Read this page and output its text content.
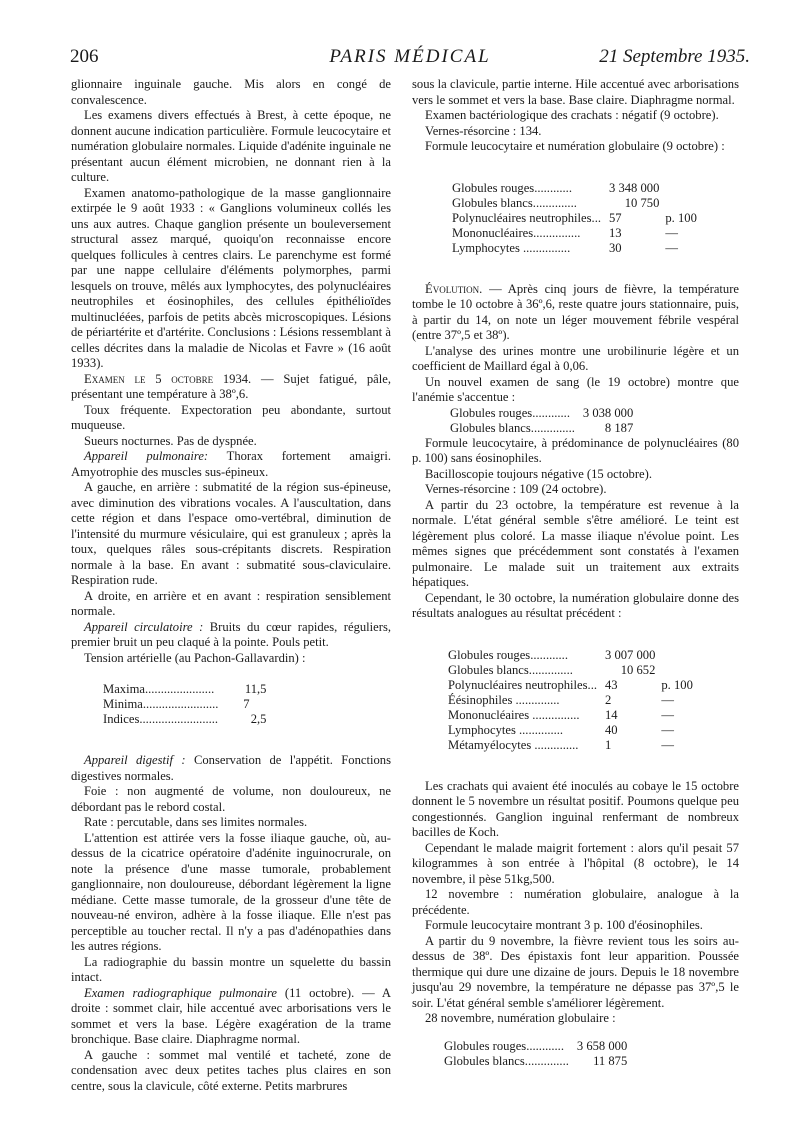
206	PARIS MÉDICAL	21 Septembre 1935.

glionnaire inguinale gauche. Mis alors en congé de convalescence.

Les examens divers effectués à Brest, à cette époque, ne donnent aucune indication particulière. Formule leucocytaire et numération globulaire normales. Liquide d'adénite inguinale ne présentant aucun élément microbien, ne donnant rien à la culture.

Examen anatomo-pathologique de la masse ganglionnaire extirpée le 9 août 1933 : « Ganglions volumineux collés les uns aux autres. Chaque ganglion présente un bouleversement structural assez marqué, quoiqu'on reconnaisse encore quelques follicules à centres clairs. Le parenchyme est formé par une nappe cellulaire d'éléments polymorphes, parmi lesquels on trouve, mêlés aux lymphocytes, des polynucléaires neutrophiles et éosinophiles, des cellules épithélioïdes multinucléées, parfois de petits abcès microscopiques. Lésions de périartérite et d'artérite. Conclusions : Lésions ressemblant à celles décrites dans la maladie de Nicolas et Favre » (16 août 1933).

Examen le 5 octobre 1934. — Sujet fatigué, pâle, présentant une température à 38º,6.

Toux fréquente. Expectoration peu abondante, surtout muqueuse.

Sueurs nocturnes. Pas de dyspnée.

Appareil pulmonaire: Thorax fortement amaigri. Amyotrophie des muscles sus-épineux.

A gauche, en arrière : submatité de la région sus-épineuse, avec diminution des vibrations vocales. A l'auscultation, dans cette région et dans l'espace omo-vertébral, diminution de l'intensité du murmure vésiculaire, qui est granuleux ; après la toux, quelques râles sous-crépitants discrets. Respiration normale à la base. En avant : submatité sous-claviculaire. Respiration rude.

A droite, en arrière et en avant : respiration sensiblement normale.

Appareil circulatoire : Bruits du cœur rapides, réguliers, premier bruit un peu claqué à la pointe. Pouls petit.

Tension artérielle (au Pachon-Gallavardin) :

Maxima......................	11,5
Minima........................	7
Indices.........................	2,5

Appareil digestif : Conservation de l'appétit. Fonctions digestives normales.

Foie : non augmenté de volume, non douloureux, ne débordant pas le rebord costal.

Rate : percutable, dans ses limites normales.

L'attention est attirée vers la fosse iliaque gauche, où, au-dessus de la cicatrice opératoire d'adénite inguinocrurale, on note la présence d'une masse tumorale, probablement ganglionnaire, non douloureuse, débordant légèrement la ligne médiane. Cette masse tumorale, de la grosseur d'une tête de nouveau-né environ, adhère à la fosse iliaque. Elle n'est pas perceptible au toucher rectal. Il n'y a pas d'adénopathies dans les autres régions.

La radiographie du bassin montre un squelette du bassin intact.

Examen radiographique pulmonaire (11 octobre). — A droite : sommet clair, hile accentué avec arborisations vers le sommet et vers la base. Légère exagération de la trame bronchique. Base claire. Diaphragme normal.

A gauche : sommet mal ventilé et tacheté, zone de condensation avec deux petites taches plus claires en son centre, sous la clavicule, côté externe. Petits marbrures

sous la clavicule, partie interne. Hile accentué avec arborisations vers le sommet et vers la base. Base claire. Diaphragme normal.

Examen bactériologique des crachats : négatif (9 octobre).

Vernes-résorcine : 134.

Formule leucocytaire et numération globulaire (9 octobre) :

Globules rouges............	3 348 000	
Globules blancs..............	10 750	
Polynucléaires neutrophiles...	57	p. 100
Mononucléaires...............	13	—
Lymphocytes ...............	30	—

Évolution. — Après cinq jours de fièvre, la température tombe le 10 octobre à 36º,6, reste quatre jours stationnaire, puis, à partir du 14, on note un léger mouvement fébrile vespéral (entre 37º,5 et 38º).

L'analyse des urines montre une urobilinurie légère et un coefficient de Maillard égal à 0,06.

Un nouvel examen de sang (le 19 octobre) montre que l'anémie s'accentue :

Globules rouges............	3 038 000
Globules blancs..............	8 187

Formule leucocytaire, à prédominance de polynucléaires (80 p. 100) sans éosinophiles.

Bacilloscopie toujours négative (15 octobre).

Vernes-résorcine : 109 (24 octobre).

A partir du 23 octobre, la température est revenue à la normale. L'état général semble s'être amélioré. Le teint est légèrement plus coloré. La masse iliaque n'évolue point. Les mêmes signes que précédemment sont constatés à l'examen pulmonaire. Le malade suit un traitement aux extraits hépatiques.

Cependant, le 30 octobre, la numération globulaire donne des résultats analogues au résultat précédent :

Globules rouges............	3 007 000	
Globules blancs..............	10 652	
Polynucléaires neutrophiles...	43	p. 100
Éésinophiles ..............	2	—
Mononucléaires ...............	14	—
Lymphocytes ..............	40	—
Métamyélocytes ..............	1	—

Les crachats qui avaient été inoculés au cobaye le 15 octobre donnent le 5 novembre un résultat positif. Poumons quelque peu congestionnés. Ganglion inguinal renfermant de nombreux bacilles de Koch.

Cependant le malade maigrit fortement : alors qu'il pesait 57 kilogrammes à son entrée à l'hôpital (8 octobre), le 14 novembre, il pèse 51kg,500.

12 novembre : numération globulaire, analogue à la précédente.

Formule leucocytaire montrant 3 p. 100 d'éosinophiles.

A partir du 9 novembre, la fièvre revient tous les soirs au-dessus de 38º. Des épistaxis font leur apparition. Poussée thermique qui dure une dizaine de jours. Depuis le 18 novembre jusqu'au 29 novembre, la température ne dépasse pas 37º,5 le soir. L'état général semble s'améliorer légèrement.

28 novembre, numération globulaire :

Globules rouges............	3 658 000
Globules blancs..............	11 875
